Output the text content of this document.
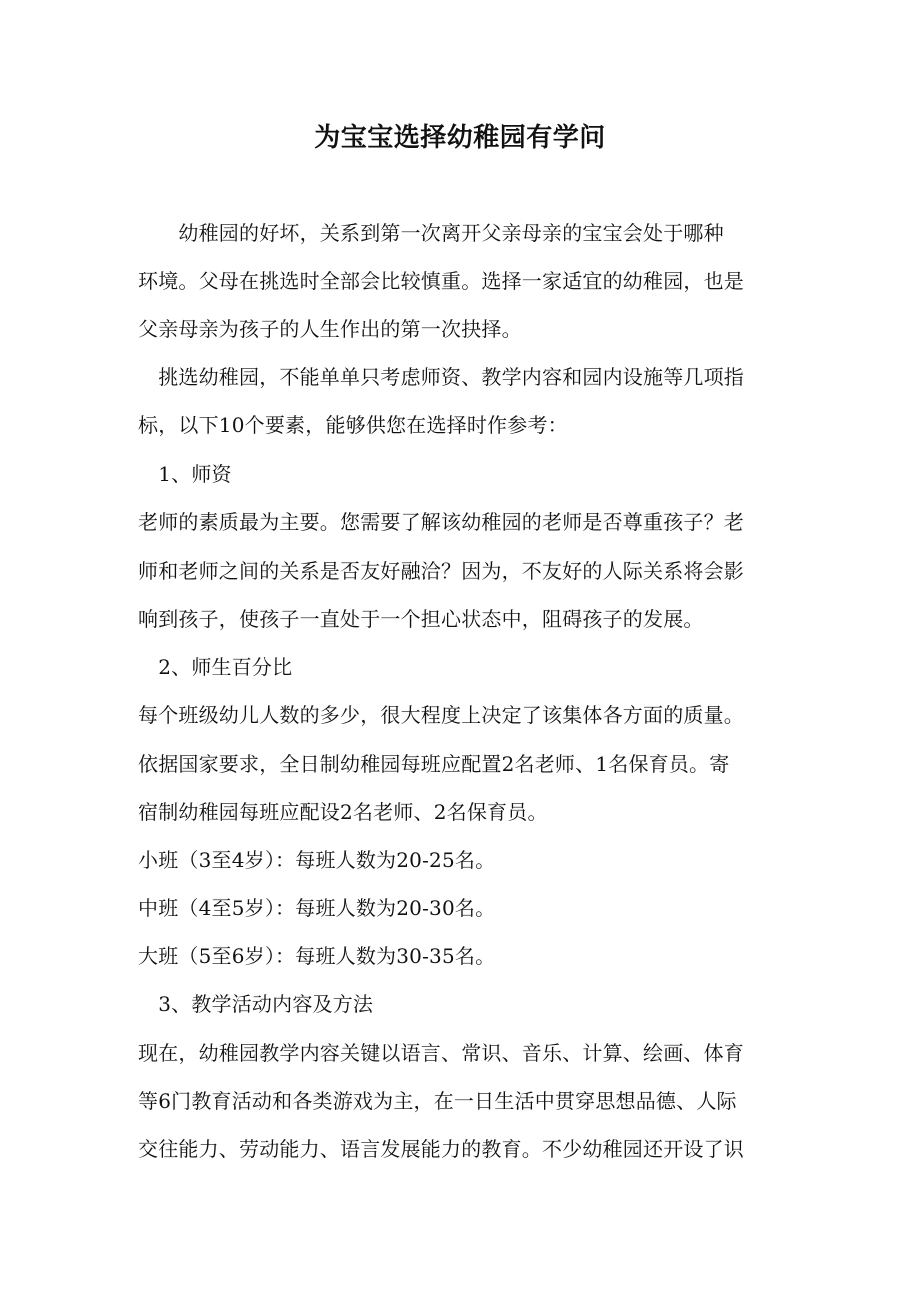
为宝宝选择幼稚园有学问
　　幼稚园的好坏，关系到第一次离开父亲母亲的宝宝会处于哪种
环境。父母在挑选时全部会比较慎重。选择一家适宜的幼稚园，也是
父亲母亲为孩子的人生作出的第一次抉择。
　挑选幼稚园，不能单单只考虑师资、教学内容和园内设施等几项指
标，以下10个要素，能够供您在选择时作参考：
　1、师资
老师的素质最为主要。您需要了解该幼稚园的老师是否尊重孩子？老
师和老师之间的关系是否友好融洽？因为，不友好的人际关系将会影
响到孩子，使孩子一直处于一个担心状态中，阻碍孩子的发展。
　2、师生百分比
每个班级幼儿人数的多少，很大程度上决定了该集体各方面的质量。
依据国家要求，全日制幼稚园每班应配置2名老师、1名保育员。寄
宿制幼稚园每班应配设2名老师、2名保育员。
小班（3至4岁）：每班人数为20-25名。
中班（4至5岁）：每班人数为20-30名。
大班（5至6岁）：每班人数为30-35名。
　3、教学活动内容及方法
现在，幼稚园教学内容关键以语言、常识、音乐、计算、绘画、体育
等6门教育活动和各类游戏为主，在一日生活中贯穿思想品德、人际
交往能力、劳动能力、语言发展能力的教育。不少幼稚园还开设了识
